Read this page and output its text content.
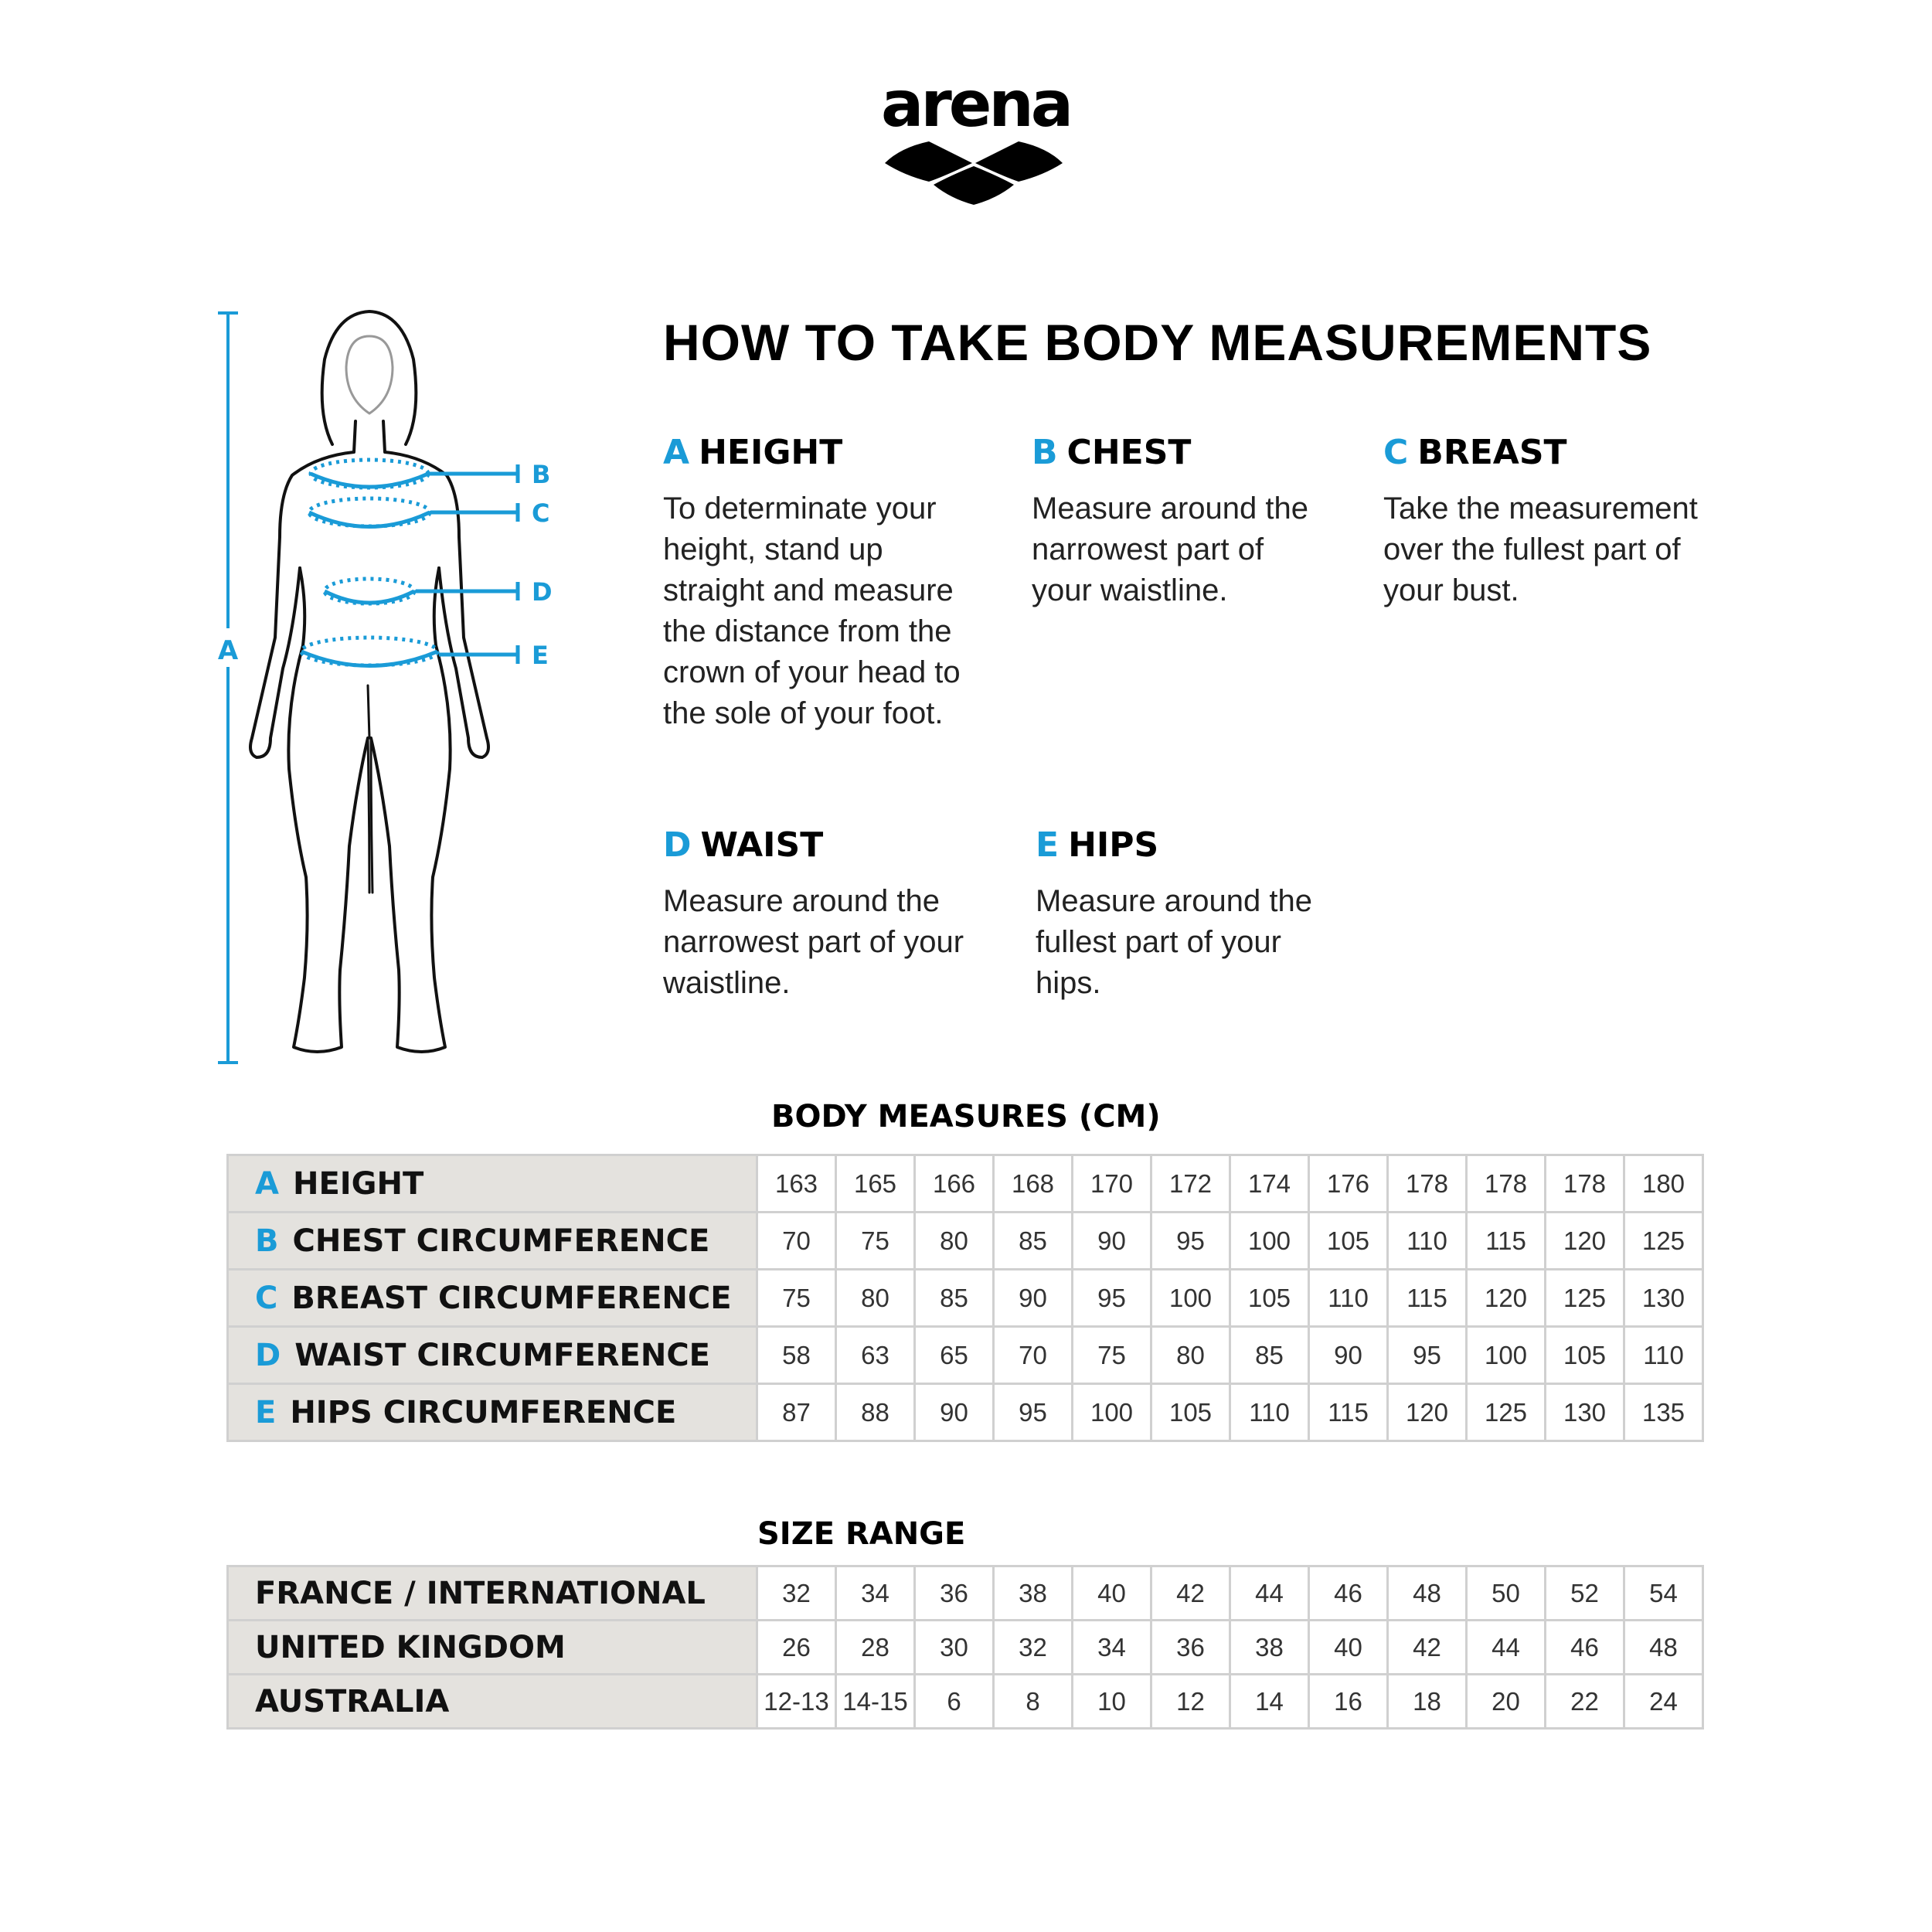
arena
A
B
C
D
E
HOW TO TAKE BODY MEASUREMENTS
A HEIGHT
To determinate your
height, stand up
straight and measure
the distance from the
crown of your head to
the sole of your foot.
B CHEST
Measure around the
narrowest part of
your waistline.
C BREAST
Take the measurement
over the fullest part of
your bust.
D WAIST
Measure around the
narrowest part of your
waistline.
E HIPS
Measure around the
fullest part of your
hips.
BODY MEASURES (CM)
A HEIGHT	163	165	166	168	170	172	174	176	178	178	178	180
B CHEST CIRCUMFERENCE	70	75	80	85	90	95	100	105	110	115	120	125
C BREAST CIRCUMFERENCE	75	80	85	90	95	100	105	110	115	120	125	130
D WAIST CIRCUMFERENCE	58	63	65	70	75	80	85	90	95	100	105	110
E HIPS CIRCUMFERENCE	87	88	90	95	100	105	110	115	120	125	130	135
SIZE RANGE
FRANCE / INTERNATIONAL	32	34	36	38	40	42	44	46	48	50	52	54
UNITED KINGDOM	26	28	30	32	34	36	38	40	42	44	46	48
AUSTRALIA	12-13	14-15	6	8	10	12	14	16	18	20	22	24
